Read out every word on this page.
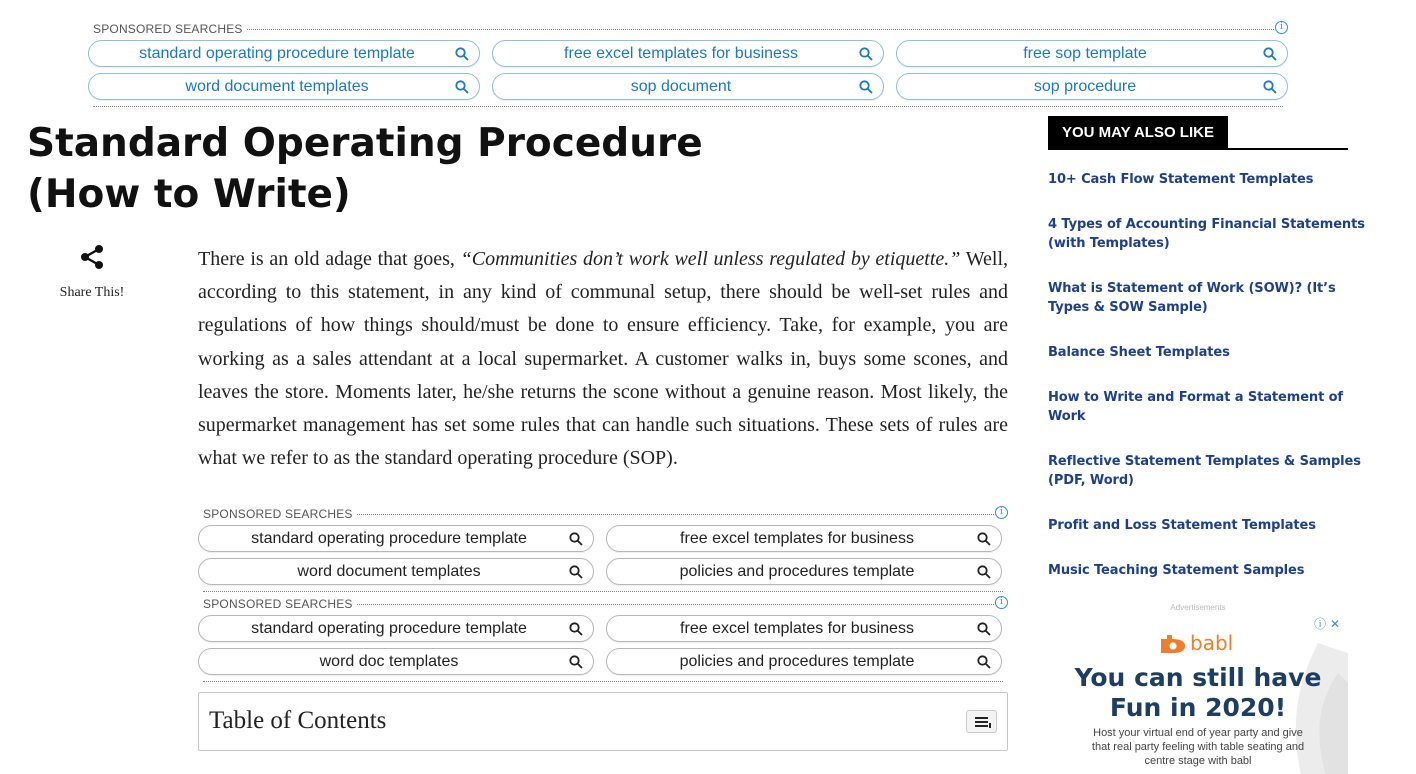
SPONSORED SEARCHES	i
standard operating procedure template	free excel templates for business	free sop template
word document templates	sop document	sop procedure
Standard Operating Procedure (How to Write)
Share This!

There is an old adage that goes, “Communities don’t work well unless regulated by etiquette.” Well, according to this statement, in any kind of communal setup, there should be well-set rules and regulations of how things should/must be done to ensure efficiency. Take, for example, you are working as a sales attendant at a local supermarket. A customer walks in, buys some scones, and leaves the store. Moments later, he/she returns the scone without a genuine reason. Most likely, the supermarket management has set some rules that can handle such situations. These sets of rules are what we refer to as the standard operating procedure (SOP).

SPONSORED SEARCHES	i
standard operating procedure template	free excel templates for business
word document templates	policies and procedures template
SPONSORED SEARCHES	i
standard operating procedure template	free excel templates for business
word doc templates	policies and procedures template
Table of Contents
YOU MAY ALSO LIKE
10+ Cash Flow Statement Templates
4 Types of Accounting Financial Statements (with Templates)
What is Statement of Work (SOW)? (It’s Types & SOW Sample)
Balance Sheet Templates
How to Write and Format a Statement of Work
Reflective Statement Templates & Samples (PDF, Word)
Profit and Loss Statement Templates
Music Teaching Statement Samples
Advertisements
ⓘ ✕
babl
You can still have
Fun in 2020!
Host your virtual end of year party and give that real party feeling with table seating and centre stage with babl
